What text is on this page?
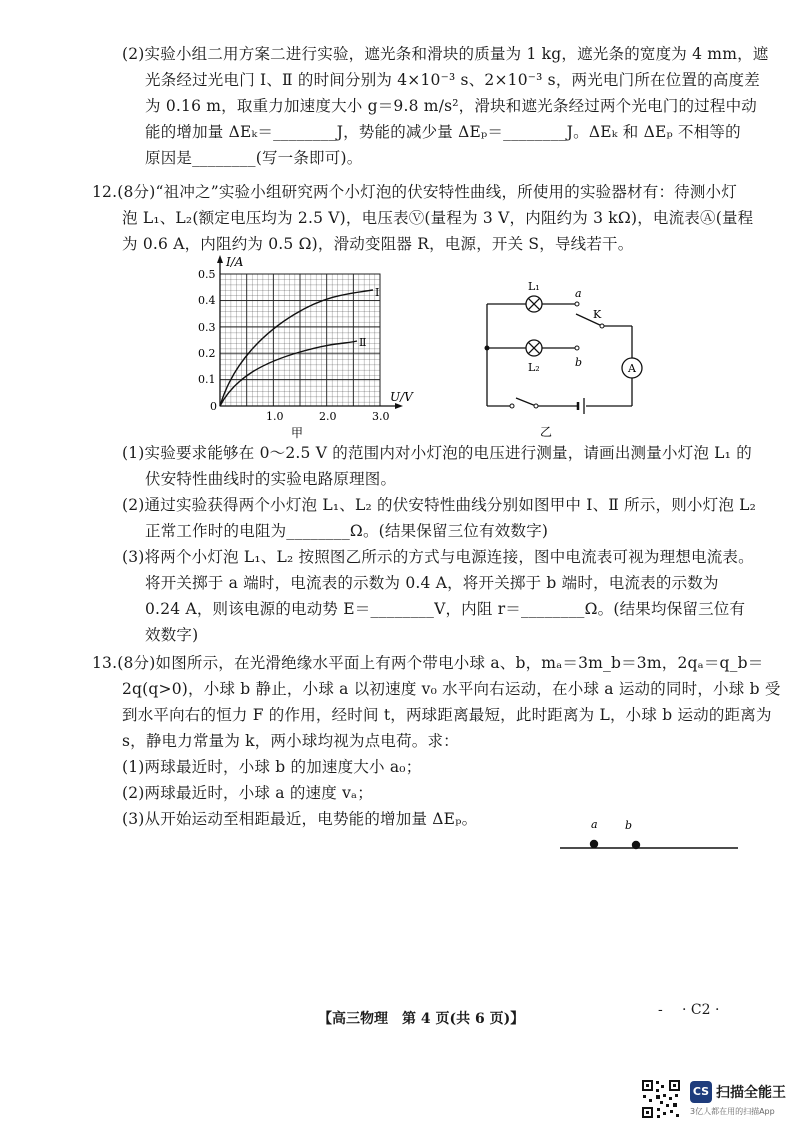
(2)实验小组二用方案二进行实验，遮光条和滑块的质量为 1 kg，遮光条的宽度为 4 mm，遮
光条经过光电门 Ⅰ、Ⅱ 的时间分别为 4×10⁻³ s、2×10⁻³ s，两光电门所在位置的高度差
为 0.16 m，取重力加速度大小 g＝9.8 m/s²，滑块和遮光条经过两个光电门的过程中动
能的增加量 ΔEₖ＝________J，势能的减少量 ΔEₚ＝________J。ΔEₖ 和 ΔEₚ 不相等的
原因是________(写一条即可)。
12.(8分)“祖冲之”实验小组研究两个小灯泡的伏安特性曲线，所使用的实验器材有：待测小灯
泡 L₁、L₂(额定电压均为 2.5 V)，电压表Ⓥ(量程为 3 V，内阻约为 3 kΩ)，电流表Ⓐ(量程
为 0.6 A，内阻约为 0.5 Ω)，滑动变阻器 R，电源，开关 S，导线若干。
I/A
U/V
0.5
0.4
0.3
0.2
0.1
0
1.0	2.0	3.0
Ⅰ
Ⅱ
甲
L₁
L₂
a
b
K
A
乙
(1)实验要求能够在 0～2.5 V 的范围内对小灯泡的电压进行测量，请画出测量小灯泡 L₁ 的
伏安特性曲线时的实验电路原理图。
(2)通过实验获得两个小灯泡 L₁、L₂ 的伏安特性曲线分别如图甲中 Ⅰ、Ⅱ 所示，则小灯泡 L₂
正常工作时的电阻为________Ω。(结果保留三位有效数字)
(3)将两个小灯泡 L₁、L₂ 按照图乙所示的方式与电源连接，图中电流表可视为理想电流表。
将开关掷于 a 端时，电流表的示数为 0.4 A，将开关掷于 b 端时，电流表的示数为
0.24 A，则该电源的电动势 E＝________V，内阻 r＝________Ω。(结果均保留三位有
效数字)
13.(8分)如图所示，在光滑绝缘水平面上有两个带电小球 a、b，mₐ＝3m_b＝3m，2qₐ＝q_b＝
2q(q>0)，小球 b 静止，小球 a 以初速度 v₀ 水平向右运动，在小球 a 运动的同时，小球 b 受
到水平向右的恒力 F 的作用，经时间 t，两球距离最短，此时距离为 L，小球 b 运动的距离为
s，静电力常量为 k，两小球均视为点电荷。求：
(1)两球最近时，小球 b 的加速度大小 a₀；
(2)两球最近时，小球 a 的速度 vₐ；
(3)从开始运动至相距最近，电势能的增加量 ΔEₚ。	a b
【高三物理　第 4 页(共 6 页)】
- · C2 ·
CS 扫描全能王
3亿人都在用的扫描App
